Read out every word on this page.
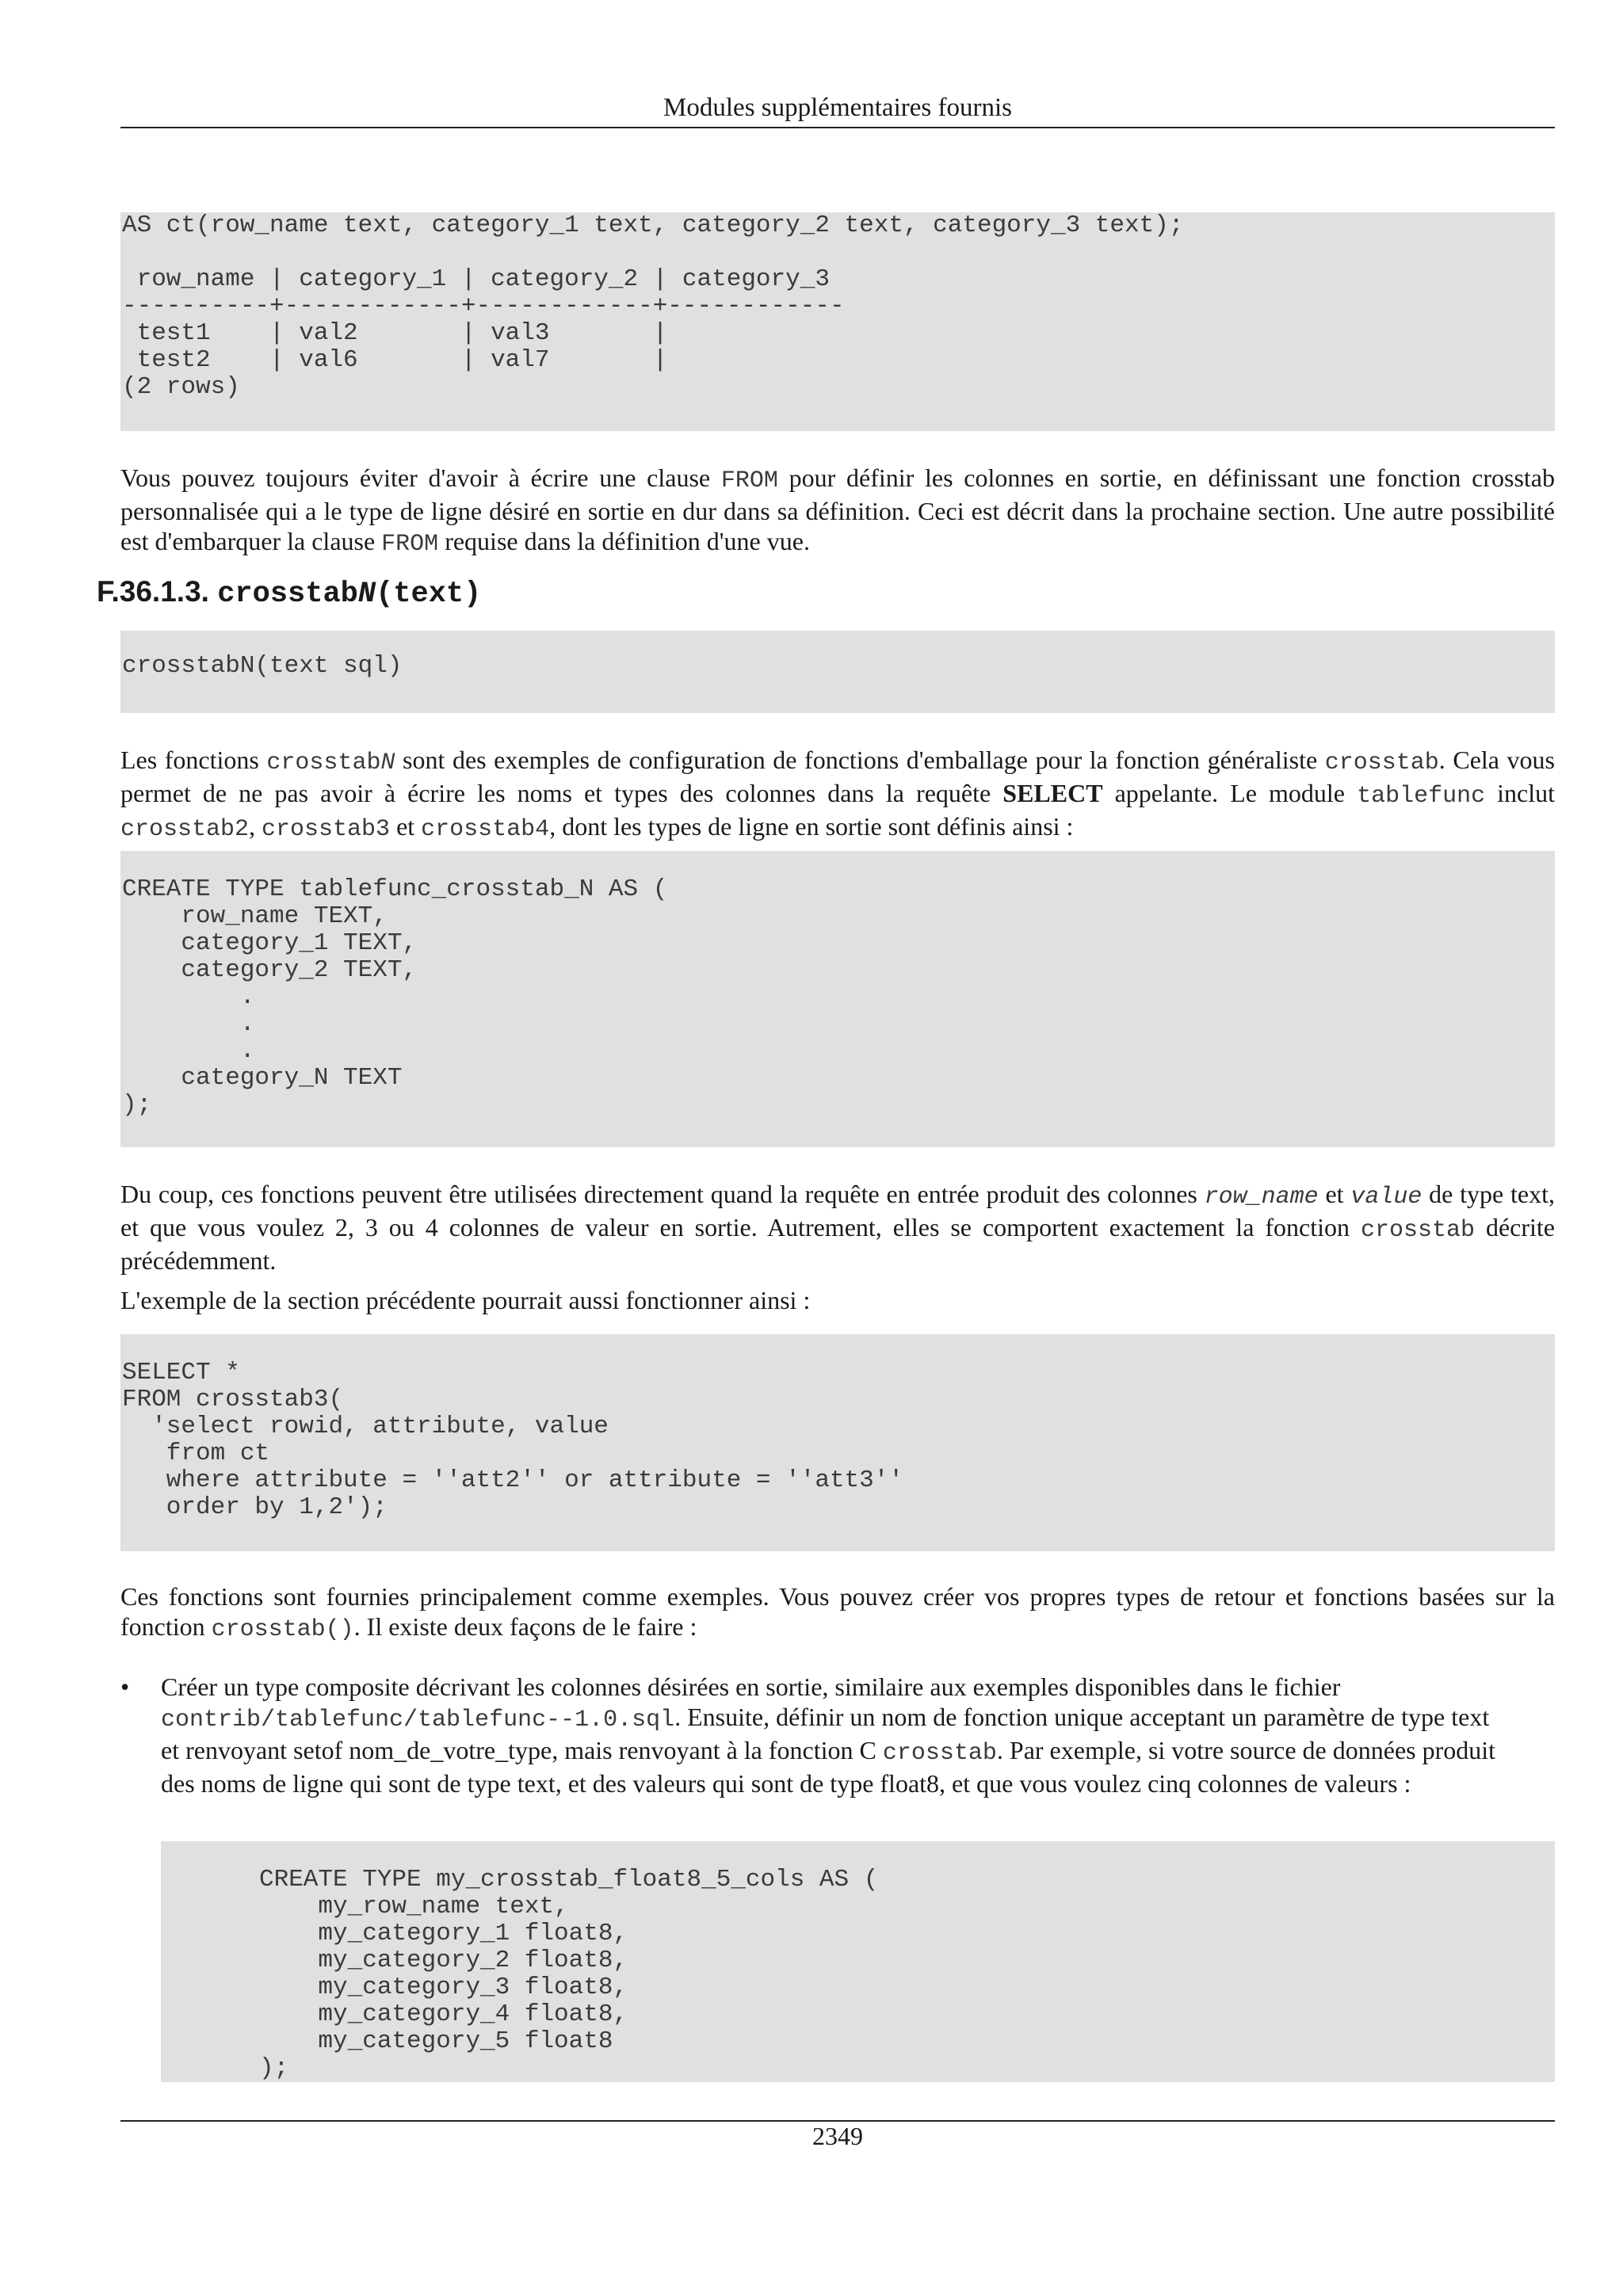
Modules supplémentaires fournis
AS ct(row_name text, category_1 text, category_2 text, category_3 text);

row_name | category_1 | category_2 | category_3
----------+------------+------------+------------
test1    | val2       | val3       |
test2    | val6       | val7       |
(2 rows)

Vous pouvez toujours éviter d'avoir à écrire une clause FROM pour définir les colonnes en sortie, en définissant une fonction crosstab personnalisée qui a le type de ligne désiré en sortie en dur dans sa définition. Ceci est décrit dans la prochaine section. Une autre possibilité est d'embarquer la clause FROM requise dans la définition d'une vue.

F.36.1.3. crosstabN(text)
crosstabN(text sql)

Les fonctions crosstabN sont des exemples de configuration de fonctions d'emballage pour la fonction généraliste crosstab. Cela vous permet de ne pas avoir à écrire les noms et types des colonnes dans la requête SELECT appelante. Le module tablefunc inclut crosstab2, crosstab3 et crosstab4, dont les types de ligne en sortie sont définis ainsi :

CREATE TYPE tablefunc_crosstab_N AS (
row_name TEXT,
category_1 TEXT,
category_2 TEXT,
.
.
.
category_N TEXT
);

Du coup, ces fonctions peuvent être utilisées directement quand la requête en entrée produit des colonnes row_name et value de type text, et que vous voulez 2, 3 ou 4 colonnes de valeur en sortie. Autrement, elles se comportent exactement la fonction crosstab décrite précédemment.

L'exemple de la section précédente pourrait aussi fonctionner ainsi :

SELECT *
FROM crosstab3(
'select rowid, attribute, value
from ct
where attribute = ''att2'' or attribute = ''att3''
order by 1,2');

Ces fonctions sont fournies principalement comme exemples. Vous pouvez créer vos propres types de retour et fonctions basées sur la fonction crosstab(). Il existe deux façons de le faire :

• Créer un type composite décrivant les colonnes désirées en sortie, similaire aux exemples disponibles dans le fichier contrib/tablefunc/tablefunc--1.0.sql. Ensuite, définir un nom de fonction unique acceptant un paramètre de type text et renvoyant setof nom_de_votre_type, mais renvoyant à la fonction C crosstab. Par exemple, si votre source de données produit des noms de ligne qui sont de type text, et des valeurs qui sont de type float8, et que vous voulez cinq colonnes de valeurs :

CREATE TYPE my_crosstab_float8_5_cols AS (
my_row_name text,
my_category_1 float8,
my_category_2 float8,
my_category_3 float8,
my_category_4 float8,
my_category_5 float8
);
2349
